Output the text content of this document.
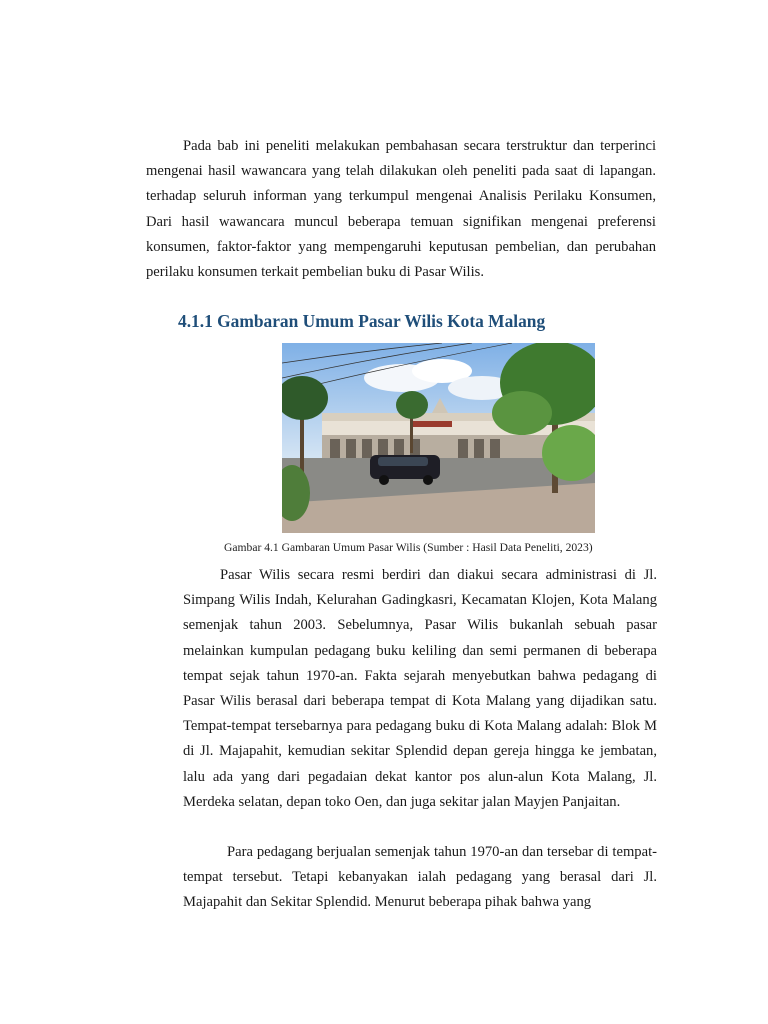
Pada bab ini peneliti melakukan pembahasan secara terstruktur dan terperinci mengenai hasil wawancara yang telah dilakukan oleh peneliti pada saat di lapangan. terhadap seluruh informan yang terkumpul mengenai Analisis Perilaku Konsumen, Dari hasil wawancara muncul beberapa temuan signifikan mengenai preferensi konsumen, faktor-faktor yang mempengaruhi keputusan pembelian, dan perubahan perilaku konsumen terkait pembelian buku di Pasar Wilis.

4.1.1 Gambaran Umum Pasar Wilis Kota Malang

Gambar 4.1 Gambaran Umum Pasar Wilis (Sumber : Hasil Data Peneliti, 2023)

Pasar Wilis secara resmi berdiri dan diakui secara administrasi di Jl. Simpang Wilis Indah, Kelurahan Gadingkasri, Kecamatan Klojen, Kota Malang semenjak tahun 2003. Sebelumnya, Pasar Wilis bukanlah sebuah pasar melainkan kumpulan pedagang buku keliling dan semi permanen di beberapa tempat sejak tahun 1970-an. Fakta sejarah menyebutkan bahwa pedagang di Pasar Wilis berasal dari beberapa tempat di Kota Malang yang dijadikan satu. Tempat-tempat tersebarnya para pedagang buku di Kota Malang adalah: Blok M di Jl. Majapahit, kemudian sekitar Splendid depan gereja hingga ke jembatan, lalu ada yang dari pegadaian dekat kantor pos alun-alun Kota Malang, Jl. Merdeka selatan, depan toko Oen, dan juga sekitar jalan Mayjen Panjaitan.

Para pedagang berjualan semenjak tahun 1970-an dan tersebar di tempat-tempat tersebut. Tetapi kebanyakan ialah pedagang yang berasal dari Jl. Majapahit dan Sekitar Splendid. Menurut beberapa pihak bahwa yang
